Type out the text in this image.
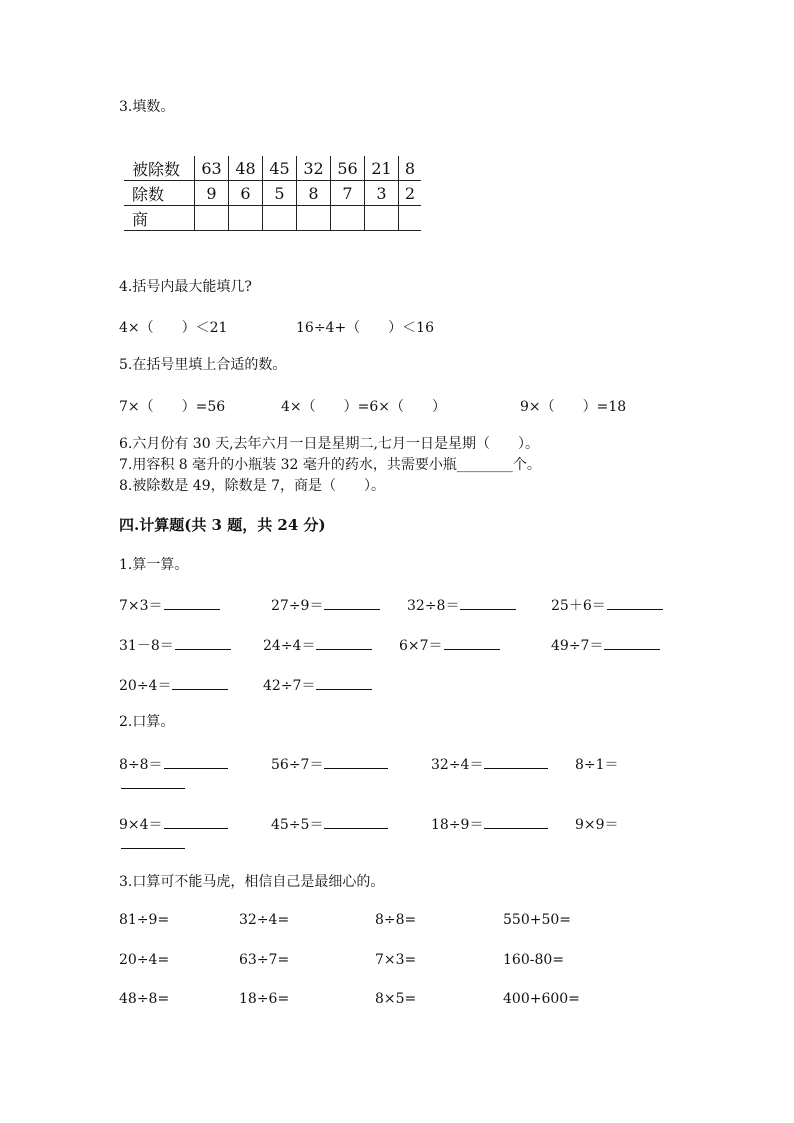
3.填数。
被除数	63	48	45	32	56	21	8
除数	9	6	5	8	7	3	2
商							
4.括号内最大能填几?
4×（　　）＜21	16÷4+（　　）＜16
5.在括号里填上合适的数。
7×（　　）=56	4×（　　）=6×（　　）	9×（　　）=18
6.六月份有 30 天,去年六月一日是星期二,七月一日是星期（　　）。
7.用容积 8 毫升的小瓶装 32 毫升的药水，共需要小瓶________个。
8.被除数是 49，除数是 7，商是（　　）。
四.计算题(共 3 题，共 24 分)
1.算一算。
7×3＝	27÷9＝	32÷8＝	25＋6＝
31－8＝	24÷4＝	6×7＝	49÷7＝
20÷4＝	42÷7＝
2.口算。
8÷8＝	56÷7＝	32÷4＝	8÷1＝
9×4＝	45÷5＝	18÷9＝	9×9＝
3.口算可不能马虎，相信自己是最细心的。
81÷9=	32÷4=	8÷8=	550+50=
20÷4=	63÷7=	7×3=	160-80=
48÷8=	18÷6=	8×5=	400+600=
